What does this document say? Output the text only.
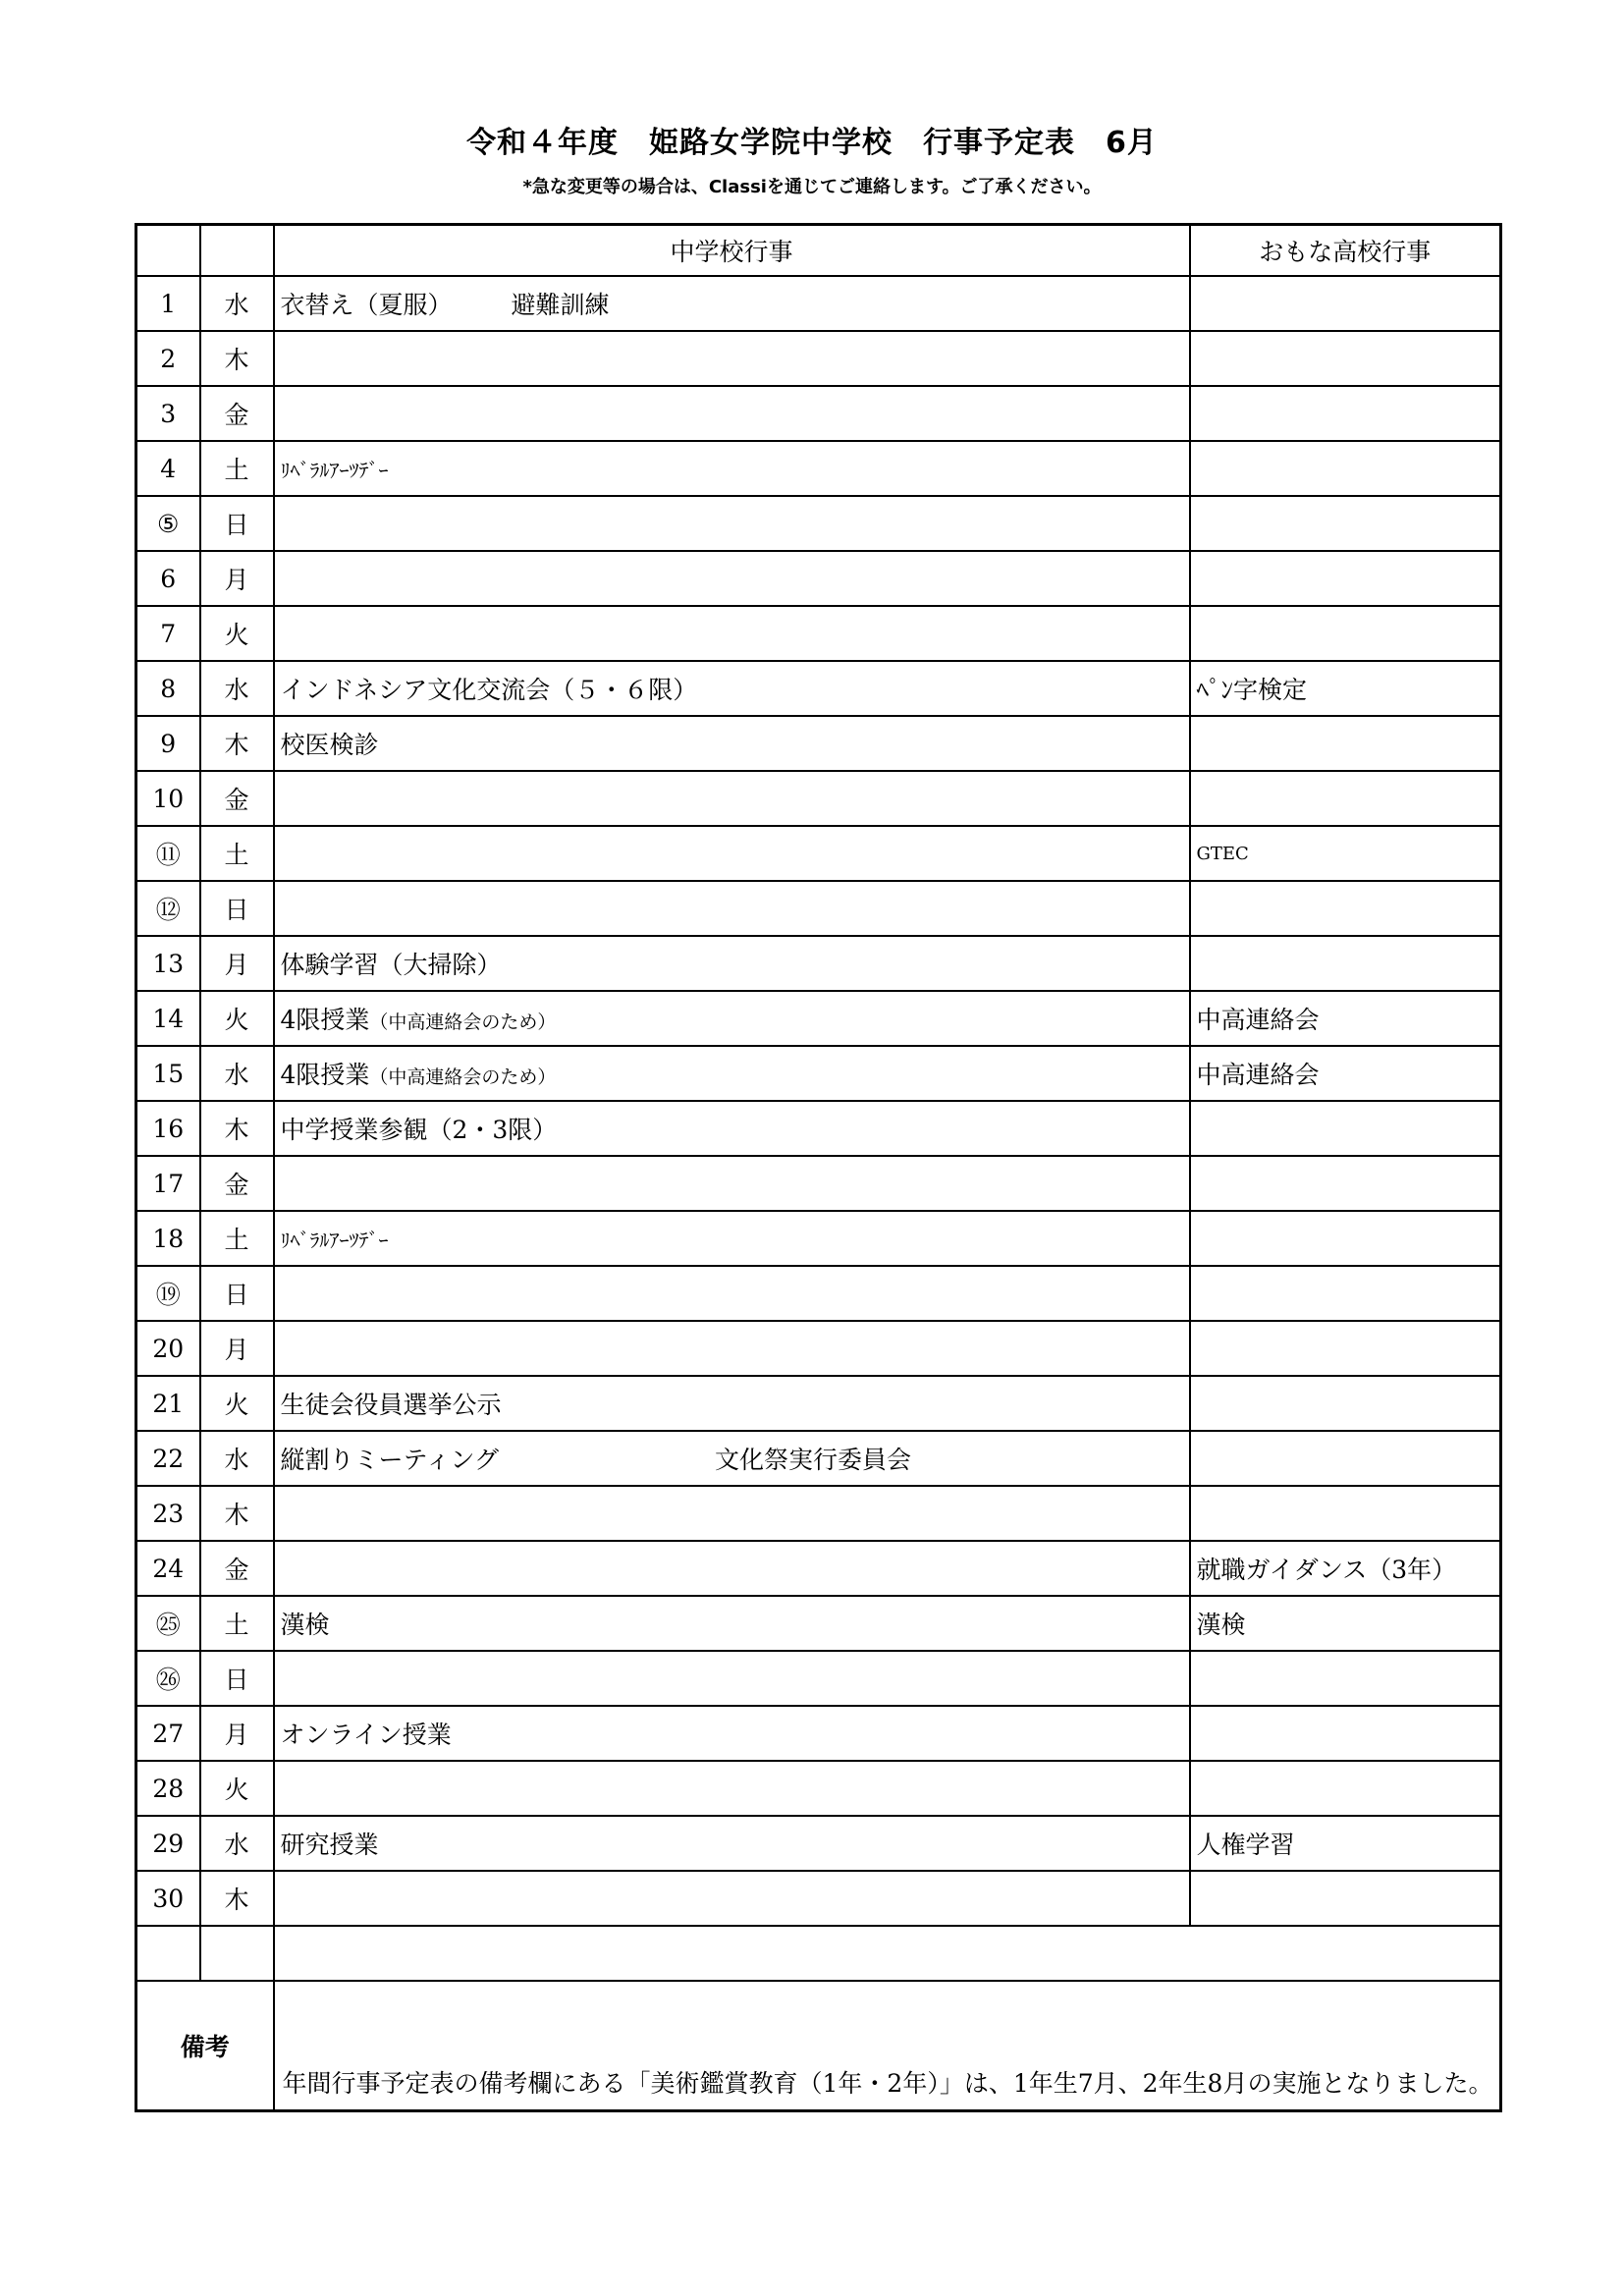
令和４年度　姫路女学院中学校　行事予定表　6月
*急な変更等の場合は、Classiを通じてご連絡します。ご了承ください。
		中学校行事	おもな高校行事
1	水	衣替え（夏服） 避難訓練	
2	木		
3	金		
4	土	ﾘﾍﾞﾗﾙｱｰﾂﾃﾞｰ	
⑤	日		
6	月		
7	火		
8	水	インドネシア文化交流会（５・６限）	ﾍﾟﾝ字検定
9	木	校医検診	
10	金		
⑪	土		GTEC
⑫	日		
13	月	体験学習（大掃除）	
14	火	4限授業（中高連絡会のため）	中高連絡会
15	水	4限授業（中高連絡会のため）	中高連絡会
16	木	中学授業参観（2・3限）	
17	金		
18	土	ﾘﾍﾞﾗﾙｱｰﾂﾃﾞｰ	
⑲	日		
20	月		
21	火	生徒会役員選挙公示	
22	水	縦割りミーティング 文化祭実行委員会	
23	木		
24	金		就職ガイダンス（3年）
㉕	土	漢検	漢検
㉖	日		
27	月	オンライン授業	
28	火		
29	水	研究授業	人権学習
30	木		

備考		年間行事予定表の備考欄にある「美術鑑賞教育（1年・2年）」は、1年生7月、2年生8月の実施となりました。	
